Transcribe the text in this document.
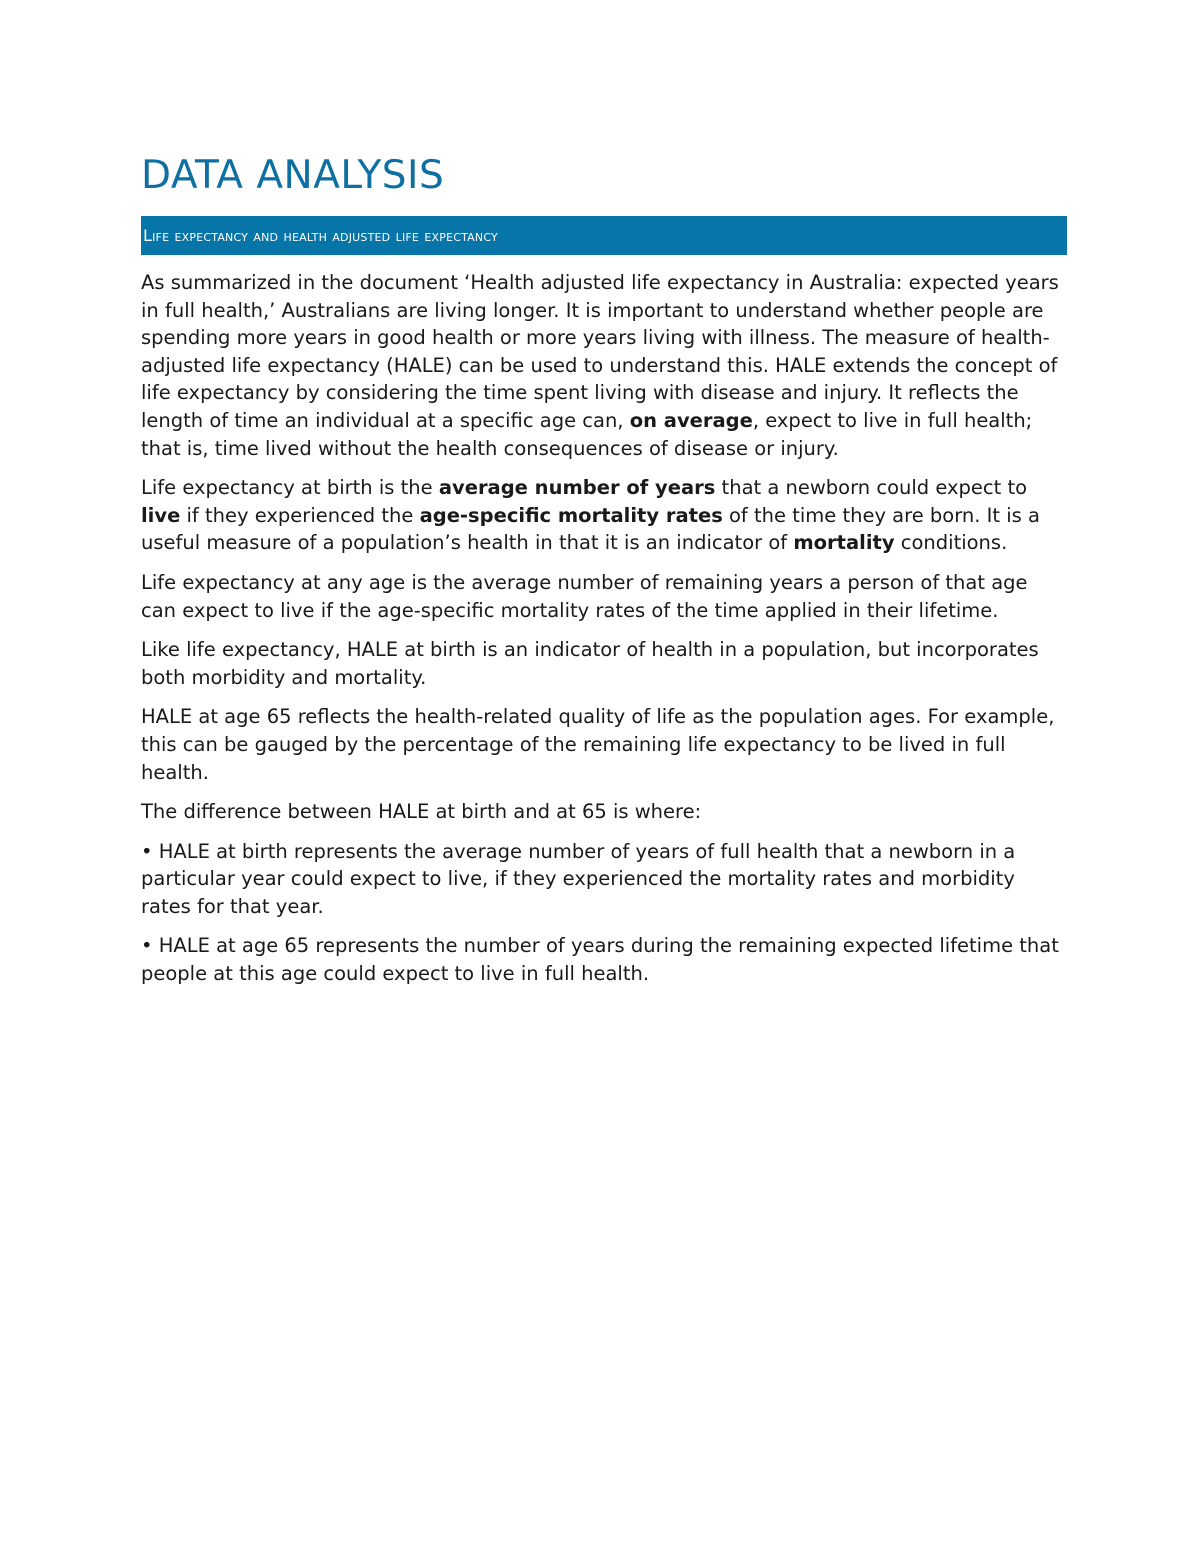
DATA ANALYSIS
Life expectancy and health adjusted life expectancy

As summarized in the document ‘Health adjusted life expectancy in Australia: expected years in full health,’ Australians are living longer. It is important to understand whether people are spending more years in good health or more years living with illness. The measure of health-adjusted life expectancy (HALE) can be used to understand this. HALE extends the concept of life expectancy by considering the time spent living with disease and injury. It reflects the length of time an individual at a specific age can, on average, expect to live in full health; that is, time lived without the health consequences of disease or injury.

Life expectancy at birth is the average number of years that a newborn could expect to live if they experienced the age-specific mortality rates of the time they are born. It is a useful measure of a population’s health in that it is an indicator of mortality conditions.

Life expectancy at any age is the average number of remaining years a person of that age can expect to live if the age-specific mortality rates of the time applied in their lifetime.

Like life expectancy, HALE at birth is an indicator of health in a population, but incorporates both morbidity and mortality.

HALE at age 65 reflects the health-related quality of life as the population ages. For example, this can be gauged by the percentage of the remaining life expectancy to be lived in full health.

The difference between HALE at birth and at 65 is where:

• HALE at birth represents the average number of years of full health that a newborn in a particular year could expect to live, if they experienced the mortality rates and morbidity rates for that year.

• HALE at age 65 represents the number of years during the remaining expected lifetime that people at this age could expect to live in full health.
